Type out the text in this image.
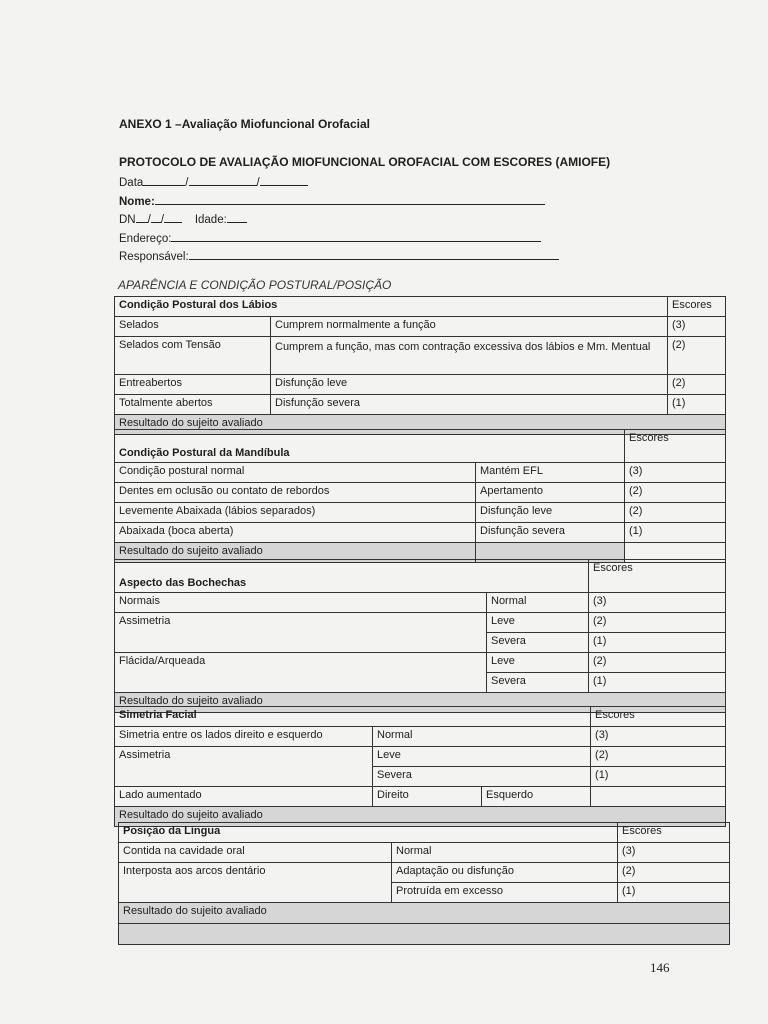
ANEXO 1 –Avaliação Miofuncional Orofacial
PROTOCOLO DE AVALIAÇÃO MIOFUNCIONAL OROFACIAL COM ESCORES (AMIOFE)
Data	/	/
Nome:
DN / /	Idade:
Endereço:
Responsável:
APARÊNCIA E CONDIÇÃO POSTURAL/POSIÇÃO
Condição Postural dos Lábios		Escores
Selados	Cumprem normalmente a função	(3)
Selados com Tensão	Cumprem a função, mas com contração excessiva dos lábios e Mm. Mentual	(2)
Entreabertos	Disfunção leve	(2)
Totalmente abertos	Disfunção severa	(1)
Resultado do sujeito avaliado		
Condição Postural da Mandíbula		Escores
Condição postural normal	Mantém EFL	(3)
Dentes em oclusão ou contato de rebordos	Apertamento	(2)
Levemente Abaixada (lábios separados)	Disfunção leve	(2)
Abaixada (boca aberta)	Disfunção severa	(1)
Resultado do sujeito avaliado		
Aspecto das Bochechas		Escores
Normais	Normal	(3)
Assimetria	Leve	(2)
	Severa	(1)
Flácida/Arqueada	Leve	(2)
	Severa	(1)
Resultado do sujeito avaliado		
Simetria Facial			Escores
Simetria entre os lados direito e esquerdo	Normal		(3)
Assimetria	Leve		(2)
	Severa		(1)
Lado aumentado	Direito	Esquerdo	
Resultado do sujeito avaliado			
Posição da Língua		Escores
Contida na cavidade oral	Normal	(3)
Interposta aos arcos dentário	Adaptação ou disfunção	(2)
	Protruída em excesso	(1)
Resultado do sujeito avaliado		

146
